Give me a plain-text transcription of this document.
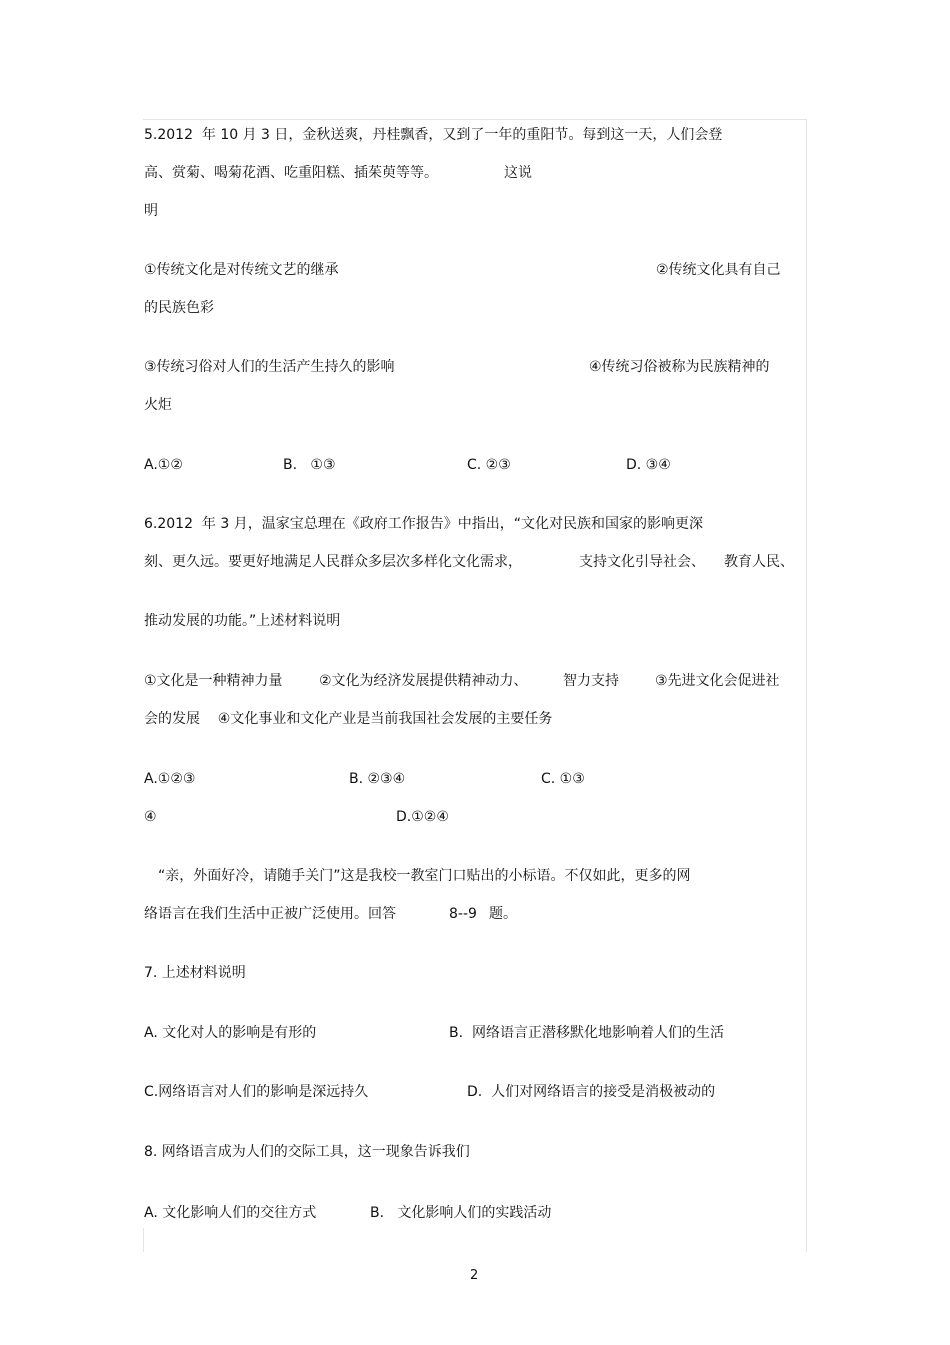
5.2012  年 10 月 3 日，金秋送爽，丹桂飘香，又到了一年的重阳节。每到这一天，人们会登
高、赏菊、喝菊花酒、吃重阳糕、插茱萸等等。	这说
明
①传统文化是对传统文艺的继承	②传统文化具有自己
的民族色彩
③传统习俗对人们的生活产生持久的影响	④传统习俗被称为民族精神的
火炬
A.①②	B.   ①③	C. ②③	D. ③④
6.2012  年 3 月，温家宝总理在《政府工作报告》中指出，“文化对民族和国家的影响更深
刻、更久远。要更好地满足人民群众多层次多样化文化需求，	支持文化引导社会、 教育人民、
推动发展的功能。”上述材料说明
①文化是一种精神力量	②文化为经济发展提供精神动力、	智力支持	③先进文化会促进社
会的发展    ④文化事业和文化产业是当前我国社会发展的主要任务
A.①②③	B. ②③④	C. ①③
④	D.①②④
“亲，外面好冷，请随手关门”这是我校一教室门口贴出的小标语。不仅如此，更多的网
络语言在我们生活中正被广泛使用。回答	8--9 题。
7. 上述材料说明
A. 文化对人的影响是有形的	B.  网络语言正潜移默化地影响着人们的生活
C.网络语言对人们的影响是深远持久	D.  人们对网络语言的接受是消极被动的
8. 网络语言成为人们的交际工具，这一现象告诉我们
A. 文化影响人们的交往方式	B.   文化影响人们的实践活动
2
